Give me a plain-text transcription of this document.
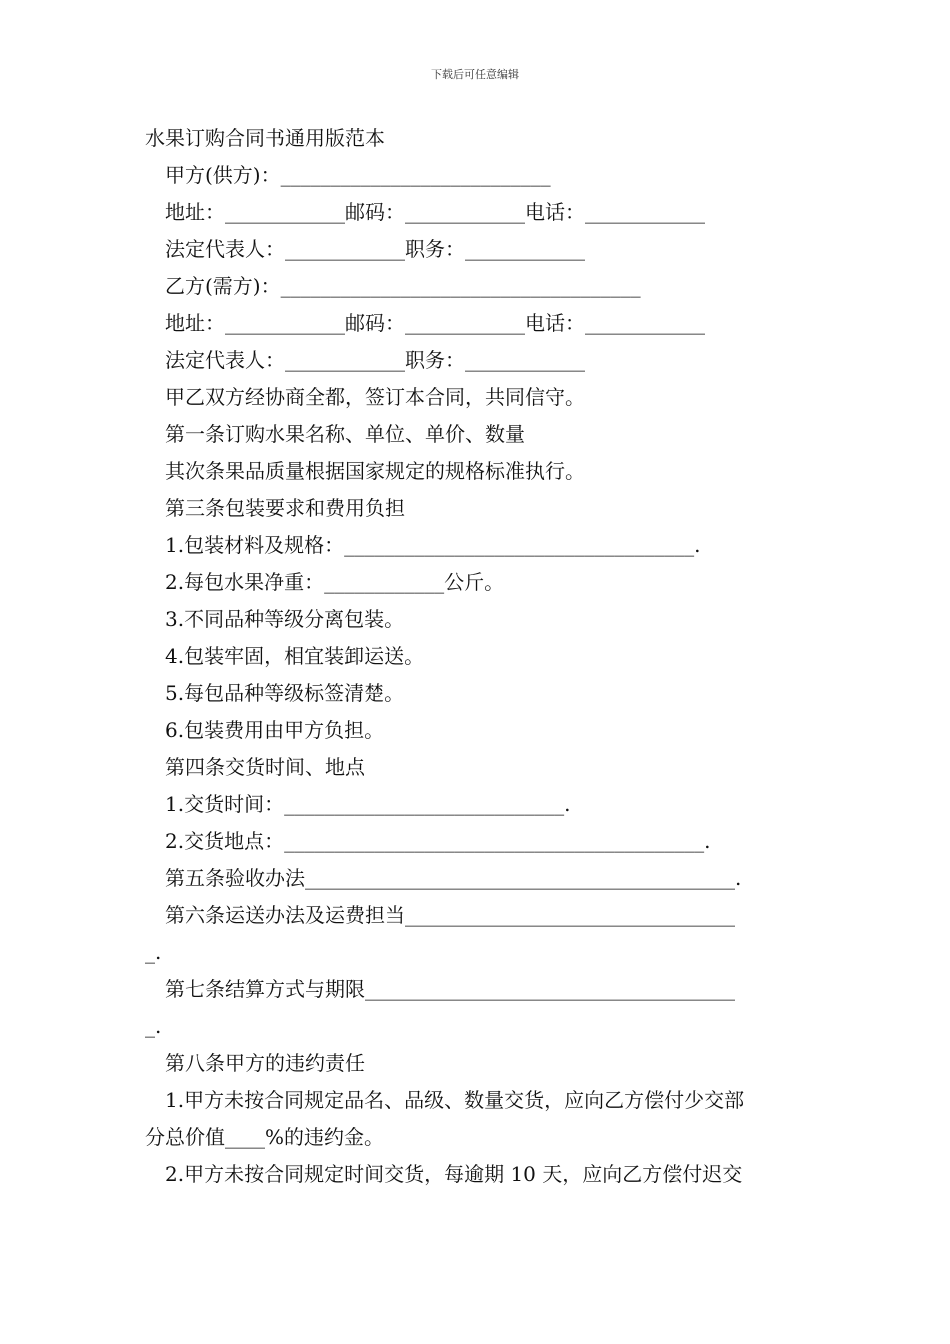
下载后可任意编辑
水果订购合同书通用版范本
甲方(供方)：___________________________
地址：____________邮码：____________电话：____________
法定代表人：____________职务：____________
乙方(需方)：____________________________________
地址：____________邮码：____________电话：____________
法定代表人：____________职务：____________
甲乙双方经协商全都，签订本合同，共同信守。
第一条订购水果名称、单位、单价、数量
其次条果品质量根据国家规定的规格标准执行。
第三条包装要求和费用负担
1.包装材料及规格：___________________________________.
2.每包水果净重：____________公斤。
3.不同品种等级分离包装。
4.包装牢固，相宜装卸运送。
5.每包品种等级标签清楚。
6.包装费用由甲方负担。
第四条交货时间、地点
1.交货时间：____________________________.
2.交货地点：__________________________________________.
第五条验收办法___________________________________________.
第六条运送办法及运费担当_________________________________
_.
第七条结算方式与期限_____________________________________
_.
第八条甲方的违约责任
1.甲方未按合同规定品名、品级、数量交货，应向乙方偿付少交部
分总价值____%的违约金。
2.甲方未按合同规定时间交货，每逾期 10 天，应向乙方偿付迟交
